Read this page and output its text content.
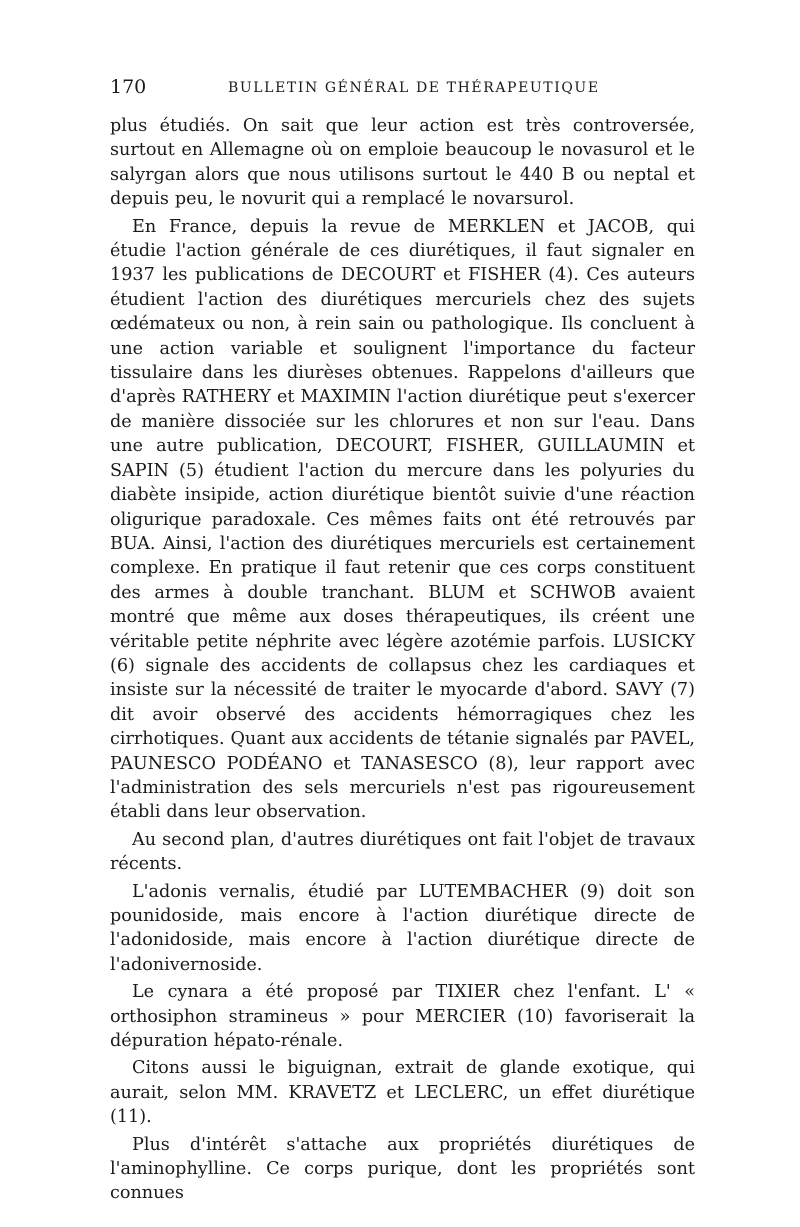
170	BULLETIN GÉNÉRAL DE THÉRAPEUTIQUE

plus étudiés. On sait que leur action est très controversée, surtout en Allemagne où on emploie beaucoup le novasurol et le salyrgan alors que nous utilisons surtout le 440 B ou neptal et depuis peu, le novurit qui a remplacé le novarsurol.

En France, depuis la revue de MERKLEN et JACOB, qui étudie l'action générale de ces diurétiques, il faut signaler en 1937 les publications de DECOURT et FISHER (4). Ces auteurs étudient l'action des diurétiques mercuriels chez des sujets œdémateux ou non, à rein sain ou pathologique. Ils concluent à une action variable et soulignent l'importance du facteur tissulaire dans les diurèses obtenues. Rappelons d'ailleurs que d'après RATHERY et MAXIMIN l'action diurétique peut s'exercer de manière dissociée sur les chlorures et non sur l'eau. Dans une autre publication, DECOURT, FISHER, GUILLAUMIN et SAPIN (5) étudient l'action du mercure dans les polyuries du diabète insipide, action diurétique bientôt suivie d'une réaction oligurique paradoxale. Ces mêmes faits ont été retrouvés par BUA. Ainsi, l'action des diurétiques mercuriels est certainement complexe. En pratique il faut retenir que ces corps constituent des armes à double tranchant. BLUM et SCHWOB avaient montré que même aux doses thérapeutiques, ils créent une véritable petite néphrite avec légère azotémie parfois. LUSICKY (6) signale des accidents de collapsus chez les cardiaques et insiste sur la nécessité de traiter le myocarde d'abord. SAVY (7) dit avoir observé des accidents hémorragiques chez les cirrhotiques. Quant aux accidents de tétanie signalés par PAVEL, PAUNESCO PODÉANO et TANASESCO (8), leur rapport avec l'administration des sels mercuriels n'est pas rigoureusement établi dans leur observation.

Au second plan, d'autres diurétiques ont fait l'objet de travaux récents.

L'adonis vernalis, étudié par LUTEMBACHER (9) doit son pounidoside, mais encore à l'action diurétique directe de l'adonidoside, mais encore à l'action diurétique directe de l'adonivernoside.

Le cynara a été proposé par TIXIER chez l'enfant. L' « orthosiphon stramineus » pour MERCIER (10) favoriserait la dépuration hépato-rénale.

Citons aussi le biguignan, extrait de glande exotique, qui aurait, selon MM. KRAVETZ et LECLERC, un effet diurétique (11).

Plus d'intérêt s'attache aux propriétés diurétiques de l'aminophylline. Ce corps purique, dont les propriétés sont connues
